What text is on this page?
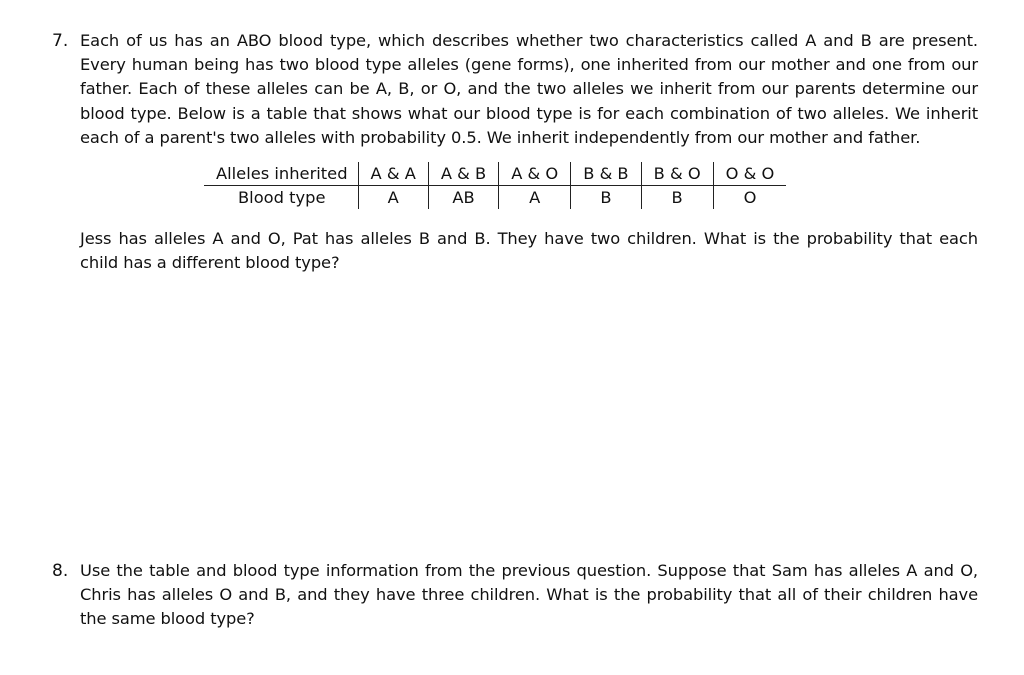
7. Each of us has an ABO blood type, which describes whether two characteristics called A and B are present. Every human being has two blood type alleles (gene forms), one inherited from our mother and one from our father. Each of these alleles can be A, B, or O, and the two alleles we inherit from our parents determine our blood type. Below is a table that shows what our blood type is for each combination of two alleles. We inherit each of a parent's two alleles with probability 0.5. We inherit independently from our mother and father.
Alleles inherited	A & A	A & B	A & O	B & B	B & O	O & O
Blood type	A	AB	A	B	B	O
Jess has alleles A and O, Pat has alleles B and B. They have two children. What is the probability that each child has a different blood type?
8. Use the table and blood type information from the previous question. Suppose that Sam has alleles A and O, Chris has alleles O and B, and they have three children. What is the probability that all of their children have the same blood type?
